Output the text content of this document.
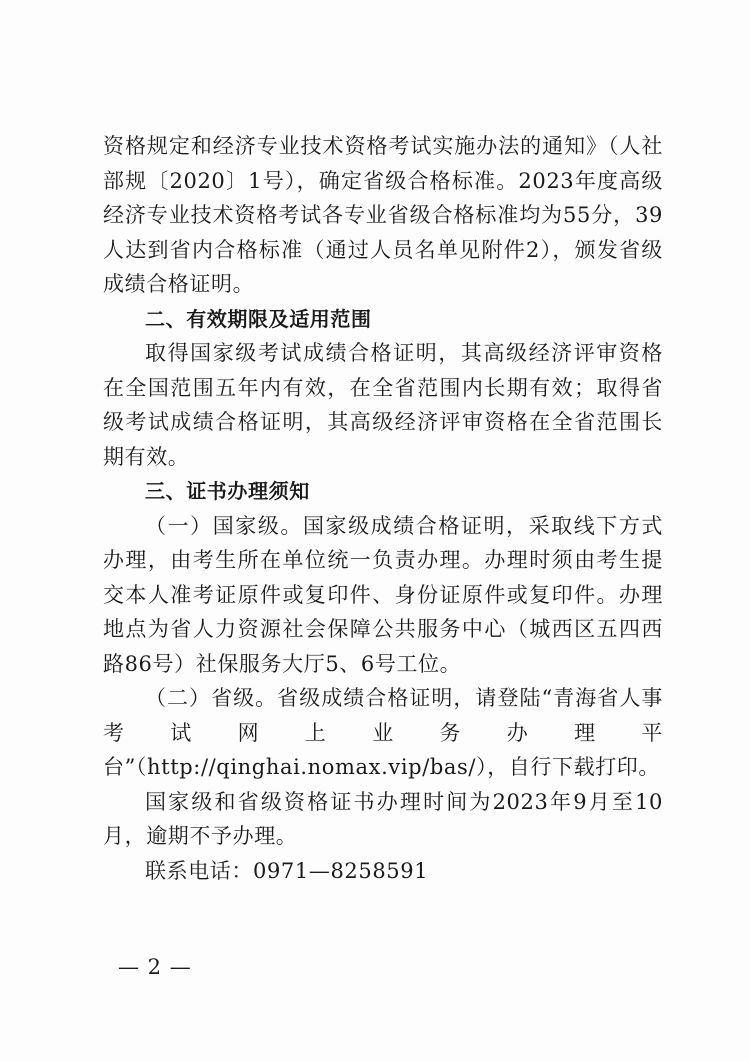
资格规定和经济专业技术资格考试实施办法的通知》（人社部规〔2020〕1号），确定省级合格标准。2023年度高级经济专业技术资格考试各专业省级合格标准均为55分，39人达到省内合格标准（通过人员名单见附件2），颁发省级成绩合格证明。

二、有效期限及适用范围

取得国家级考试成绩合格证明，其高级经济评审资格在全国范围五年内有效，在全省范围内长期有效；取得省级考试成绩合格证明，其高级经济评审资格在全省范围长期有效。

三、证书办理须知

（一）国家级。国家级成绩合格证明，采取线下方式办理，由考生所在单位统一负责办理。办理时须由考生提交本人准考证原件或复印件、身份证原件或复印件。办理地点为省人力资源社会保障公共服务中心（城西区五四西路86号）社保服务大厅5、6号工位。

（二）省级。省级成绩合格证明，请登陆“青海省人事考试网上业务办理平台”（http://qinghai.nomax.vip/bas/），自行下载打印。

国家级和省级资格证书办理时间为2023年9月至10月，逾期不予办理。

联系电话：0971—8258591

— 2 —
